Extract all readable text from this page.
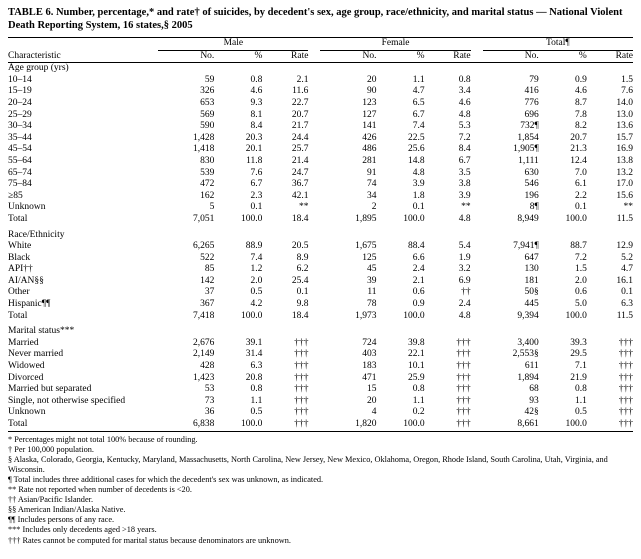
TABLE 6. Number, percentage,* and rate† of suicides, by decedent's sex, age group, race/ethnicity, and marital status — National Violent Death Reporting System, 16 states,§ 2005
	Male				Female				Total¶		
Characteristic	No.	%	Rate		No.	%	Rate		No.	%	Rate
Age group (yrs)											
10–14	59	0.8	2.1		20	1.1	0.8		79	0.9	1.5
15–19	326	4.6	11.6		90	4.7	3.4		416	4.6	7.6
20–24	653	9.3	22.7		123	6.5	4.6		776	8.7	14.0
25–29	569	8.1	20.7		127	6.7	4.8		696	7.8	13.0
30–34	590	8.4	21.7		141	7.4	5.3		732¶	8.2	13.6
35–44	1,428	20.3	24.4		426	22.5	7.2		1,854	20.7	15.7
45–54	1,418	20.1	25.7		486	25.6	8.4		1,905¶	21.3	16.9
55–64	830	11.8	21.4		281	14.8	6.7		1,111	12.4	13.8
65–74	539	7.6	24.7		91	4.8	3.5		630	7.0	13.2
75–84	472	6.7	36.7		74	3.9	3.8		546	6.1	17.0
≥85	162	2.3	42.1		34	1.8	3.9		196	2.2	15.6
Unknown	5	0.1	**		2	0.1	**		8¶	0.1	**
Total	7,051	100.0	18.4		1,895	100.0	4.8		8,949	100.0	11.5

Race/Ethnicity											
White	6,265	88.9	20.5		1,675	88.4	5.4		7,941¶	88.7	12.9
Black	522	7.4	8.9		125	6.6	1.9		647	7.2	5.2
API††	85	1.2	6.2		45	2.4	3.2		130	1.5	4.7
AI/AN§§	142	2.0	25.4		39	2.1	6.9		181	2.0	16.1
Other	37	0.5	0.1		11	0.6	††		50§	0.6	0.1
Hispanic¶¶	367	4.2	9.8		78	0.9	2.4		445	5.0	6.3
Total	7,418	100.0	18.4		1,973	100.0	4.8		9,394	100.0	11.5

Marital status***											
Married	2,676	39.1	†††		724	39.8	†††		3,400	39.3	†††
Never married	2,149	31.4	†††		403	22.1	†††		2,553§	29.5	†††
Widowed	428	6.3	†††		183	10.1	†††		611	7.1	†††
Divorced	1,423	20.8	†††		471	25.9	†††		1,894	21.9	†††
Married but separated	53	0.8	†††		15	0.8	†††		68	0.8	†††
Single, not otherwise specified	73	1.1	†††		20	1.1	†††		93	1.1	†††
Unknown	36	0.5	†††		4	0.2	†††		42§	0.5	†††
Total	6,838	100.0	†††		1,820	100.0	†††		8,661	100.0	†††
* Percentages might not total 100% because of rounding.
† Per 100,000 population.
§ Alaska, Colorado, Georgia, Kentucky, Maryland, Massachusetts, North Carolina, New Jersey, New Mexico, Oklahoma, Oregon, Rhode Island, South Carolina, Utah, Virginia, and Wisconsin.
¶ Total includes three additional cases for which the decedent's sex was unknown, as indicated.
** Rate not reported when number of decedents is <20.
†† Asian/Pacific Islander.
§§ American Indian/Alaska Native.
¶¶ Includes persons of any race.
*** Includes only decedents aged >18 years.
††† Rates cannot be computed for marital status because denominators are unknown.
